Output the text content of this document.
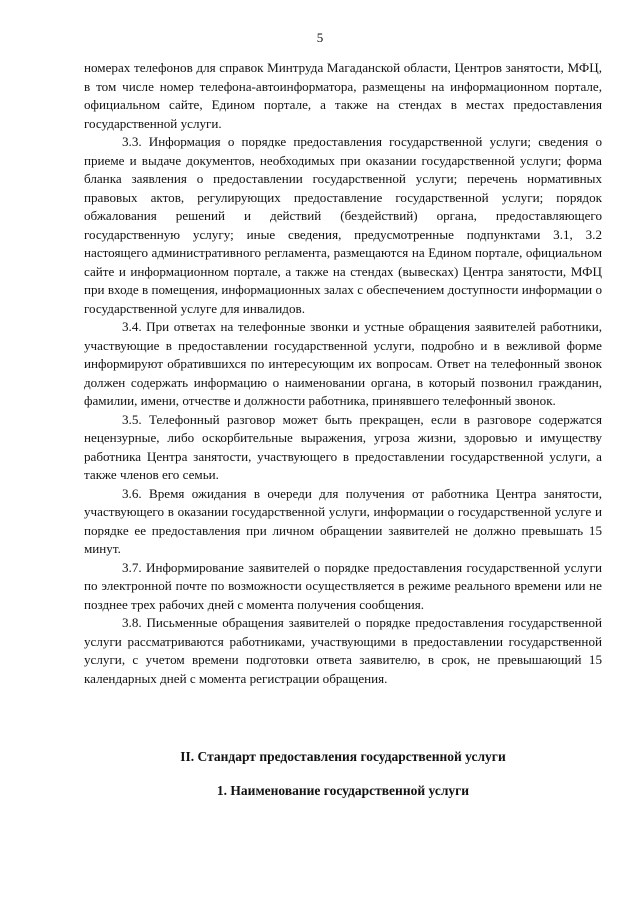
5

номерах телефонов для справок Минтруда Магаданской области, Центров занятости, МФЦ, в том числе номер телефона-автоинформатора, размещены на информационном портале, официальном сайте, Едином портале, а также на стендах в местах предоставления государственной услуги.

3.3. Информация о порядке предоставления государственной услуги; сведения о приеме и выдаче документов, необходимых при оказании государственной услуги; форма бланка заявления о предоставлении государственной услуги; перечень нормативных правовых актов, регулирующих предоставление государственной услуги; порядок обжалования решений и действий (бездействий) органа, предоставляющего государственную услугу; иные сведения, предусмотренные подпунктами 3.1, 3.2 настоящего административного регламента, размещаются на Едином портале, официальном сайте и информационном портале, а также на стендах (вывесках) Центра занятости, МФЦ при входе в помещения, информационных залах с обеспечением доступности информации о государственной услуге для инвалидов.

3.4. При ответах на телефонные звонки и устные обращения заявителей работники, участвующие в предоставлении государственной услуги, подробно и в вежливой форме информируют обратившихся по интересующим их вопросам. Ответ на телефонный звонок должен содержать информацию о наименовании органа, в который позвонил гражданин, фамилии, имени, отчестве и должности работника, принявшего телефонный звонок.

3.5. Телефонный разговор может быть прекращен, если в разговоре содержатся нецензурные, либо оскорбительные выражения, угроза жизни, здоровью и имуществу работника Центра занятости, участвующего в предоставлении государственной услуги, а также членов его семьи.

3.6. Время ожидания в очереди для получения от работника Центра занятости, участвующего в оказании государственной услуги, информации о государственной услуге и порядке ее предоставления при личном обращении заявителей не должно превышать 15 минут.

3.7. Информирование заявителей о порядке предоставления государственной услуги по электронной почте по возможности осуществляется в режиме реального времени или не позднее трех рабочих дней с момента получения сообщения.

3.8. Письменные обращения заявителей о порядке предоставления государственной услуги рассматриваются работниками, участвующими в предоставлении государственной услуги, с учетом времени подготовки ответа заявителю, в срок, не превышающий 15 календарных дней с момента регистрации обращения.

II. Стандарт предоставления государственной услуги
1. Наименование государственной услуги
